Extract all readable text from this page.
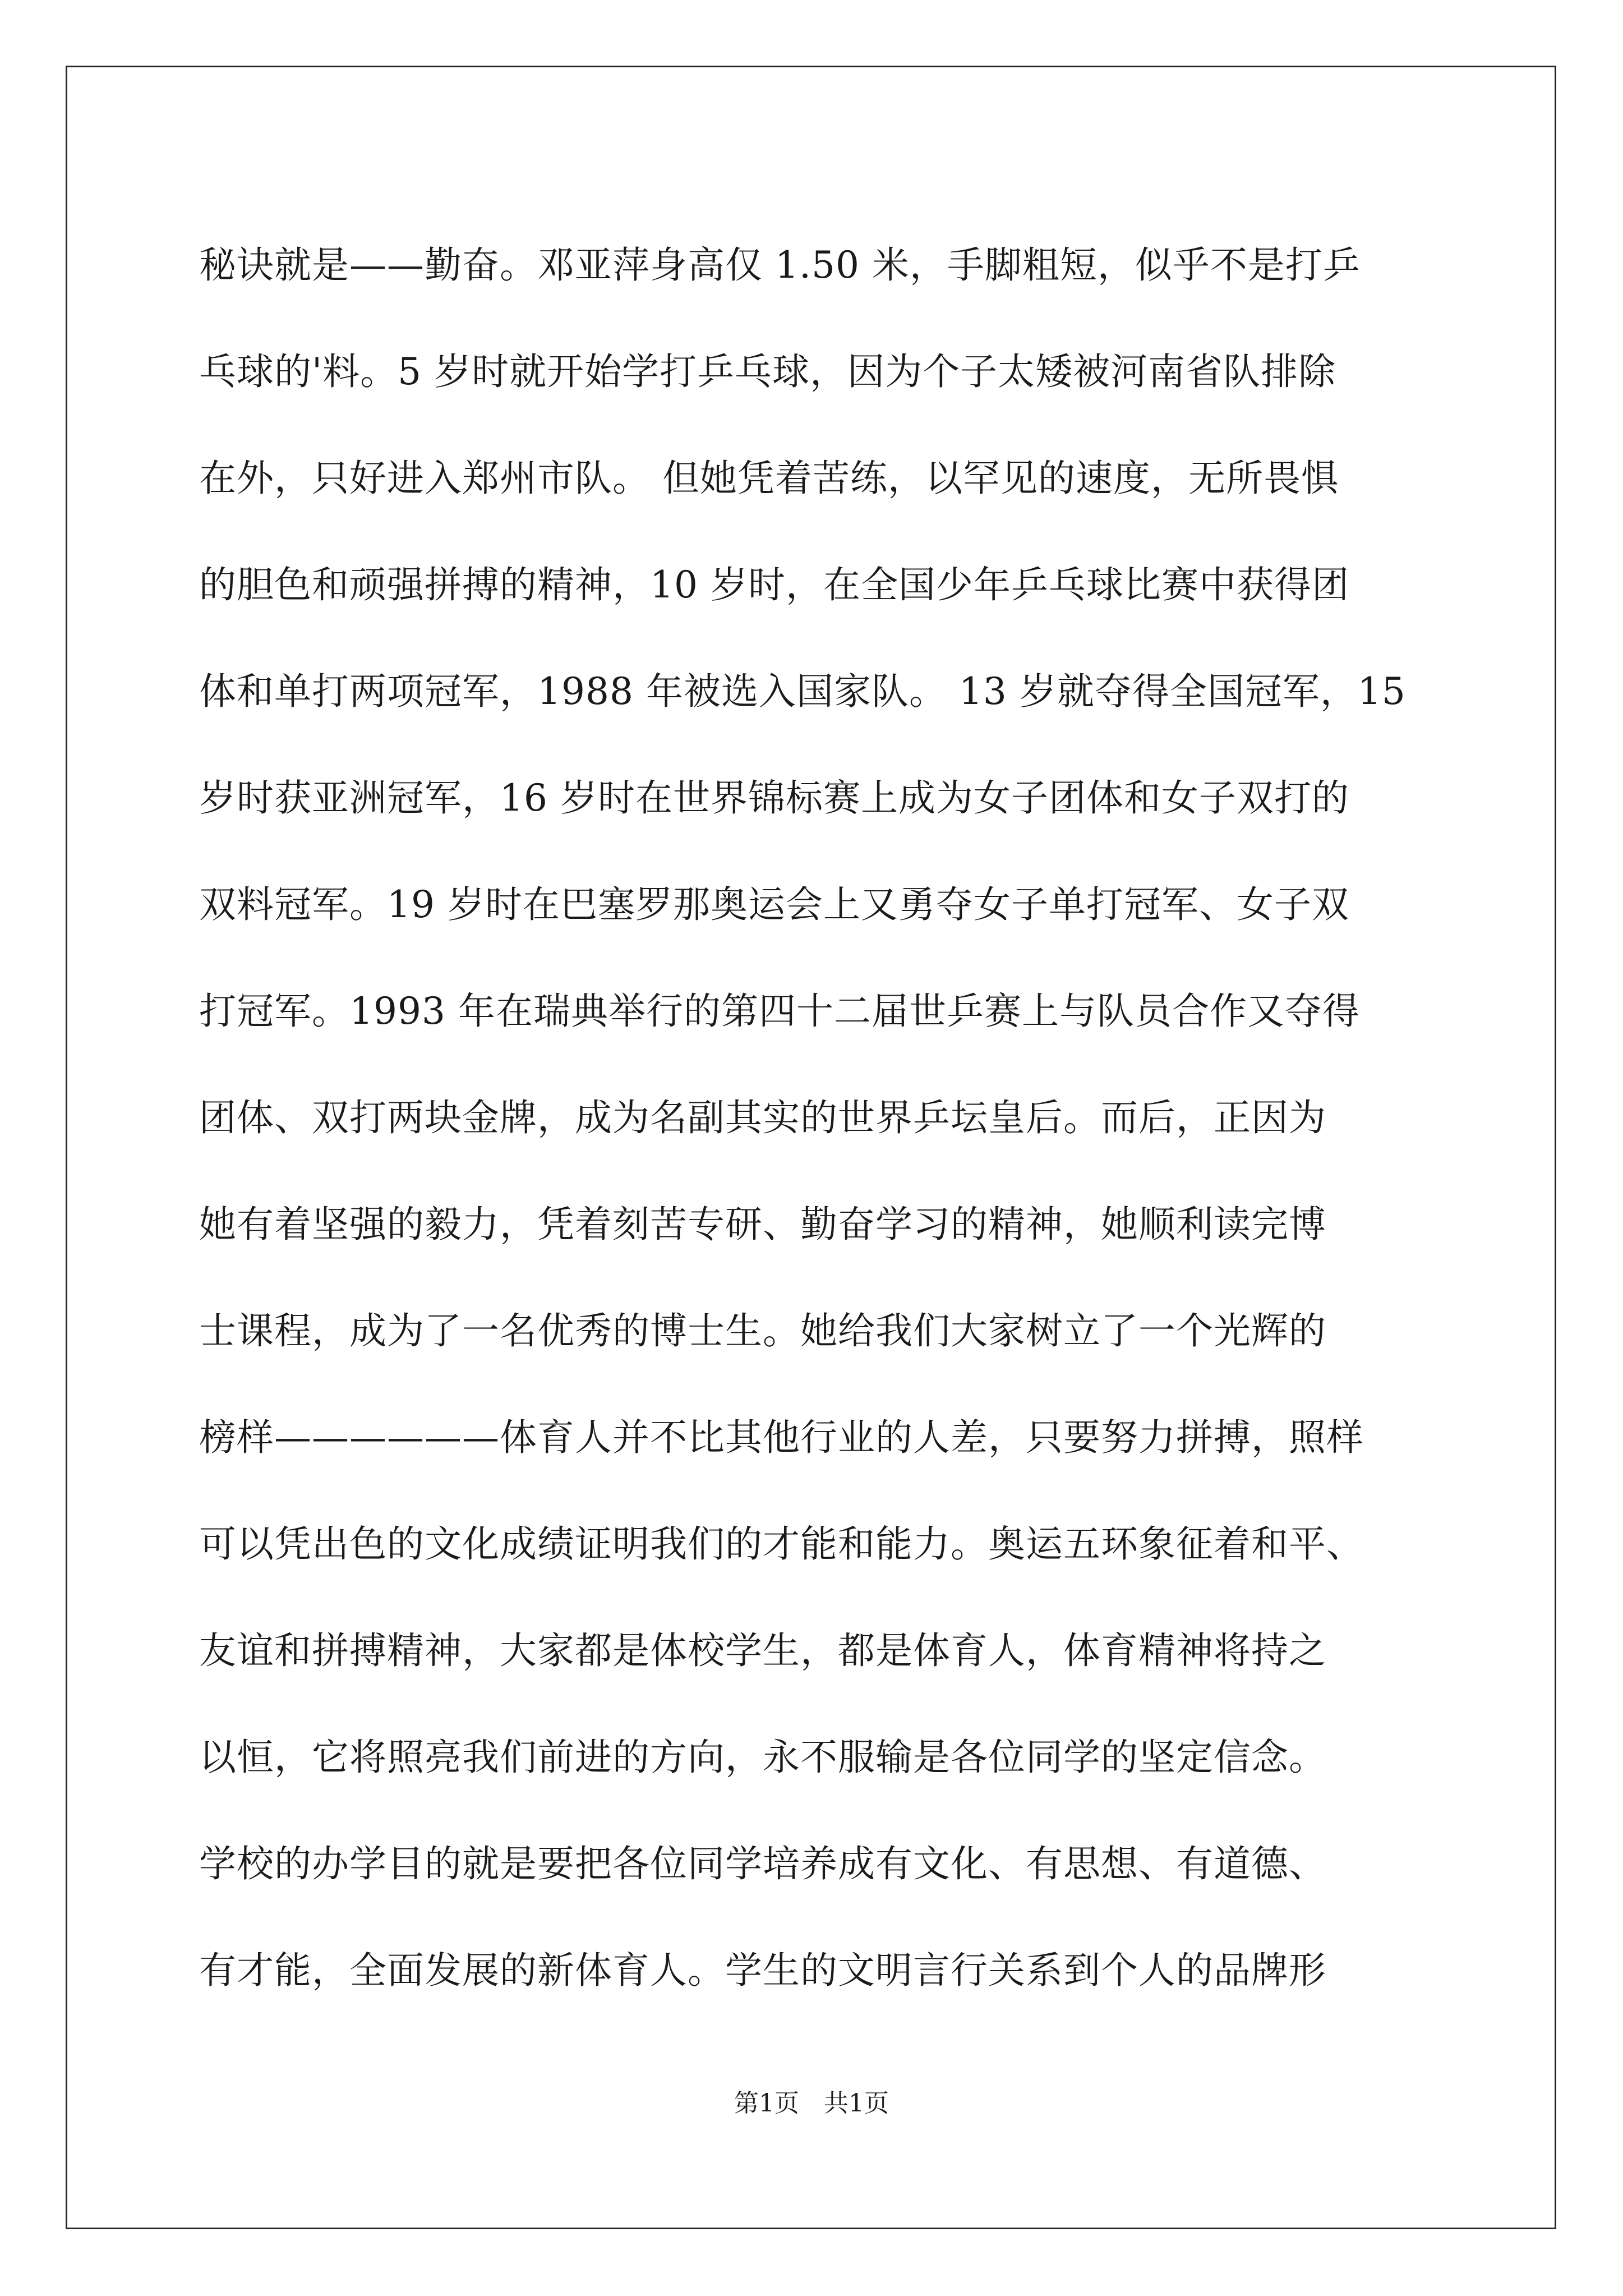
秘诀就是——勤奋。邓亚萍身高仅 1.50 米，手脚粗短，似乎不是打乒
乓球的'料。5 岁时就开始学打乒乓球，因为个子太矮被河南省队排除
在外，只好进入郑州市队。 但她凭着苦练，以罕见的速度，无所畏惧
的胆色和顽强拼搏的精神，10 岁时，在全国少年乒乓球比赛中获得团
体和单打两项冠军，1988 年被选入国家队。 13 岁就夺得全国冠军，15
岁时获亚洲冠军，16 岁时在世界锦标赛上成为女子团体和女子双打的
双料冠军。19 岁时在巴塞罗那奥运会上又勇夺女子单打冠军、女子双
打冠军。1993 年在瑞典举行的第四十二届世乒赛上与队员合作又夺得
团体、双打两块金牌，成为名副其实的世界乒坛皇后。而后，正因为
她有着坚强的毅力，凭着刻苦专研、勤奋学习的精神，她顺利读完博
士课程，成为了一名优秀的博士生。她给我们大家树立了一个光辉的
榜样——————体育人并不比其他行业的人差，只要努力拼搏，照样
可以凭出色的文化成绩证明我们的才能和能力。奥运五环象征着和平、
友谊和拼搏精神，大家都是体校学生，都是体育人，体育精神将持之
以恒，它将照亮我们前进的方向，永不服输是各位同学的坚定信念。
学校的办学目的就是要把各位同学培养成有文化、有思想、有道德、
有才能，全面发展的新体育人。学生的文明言行关系到个人的品牌形
第1页　共1页
